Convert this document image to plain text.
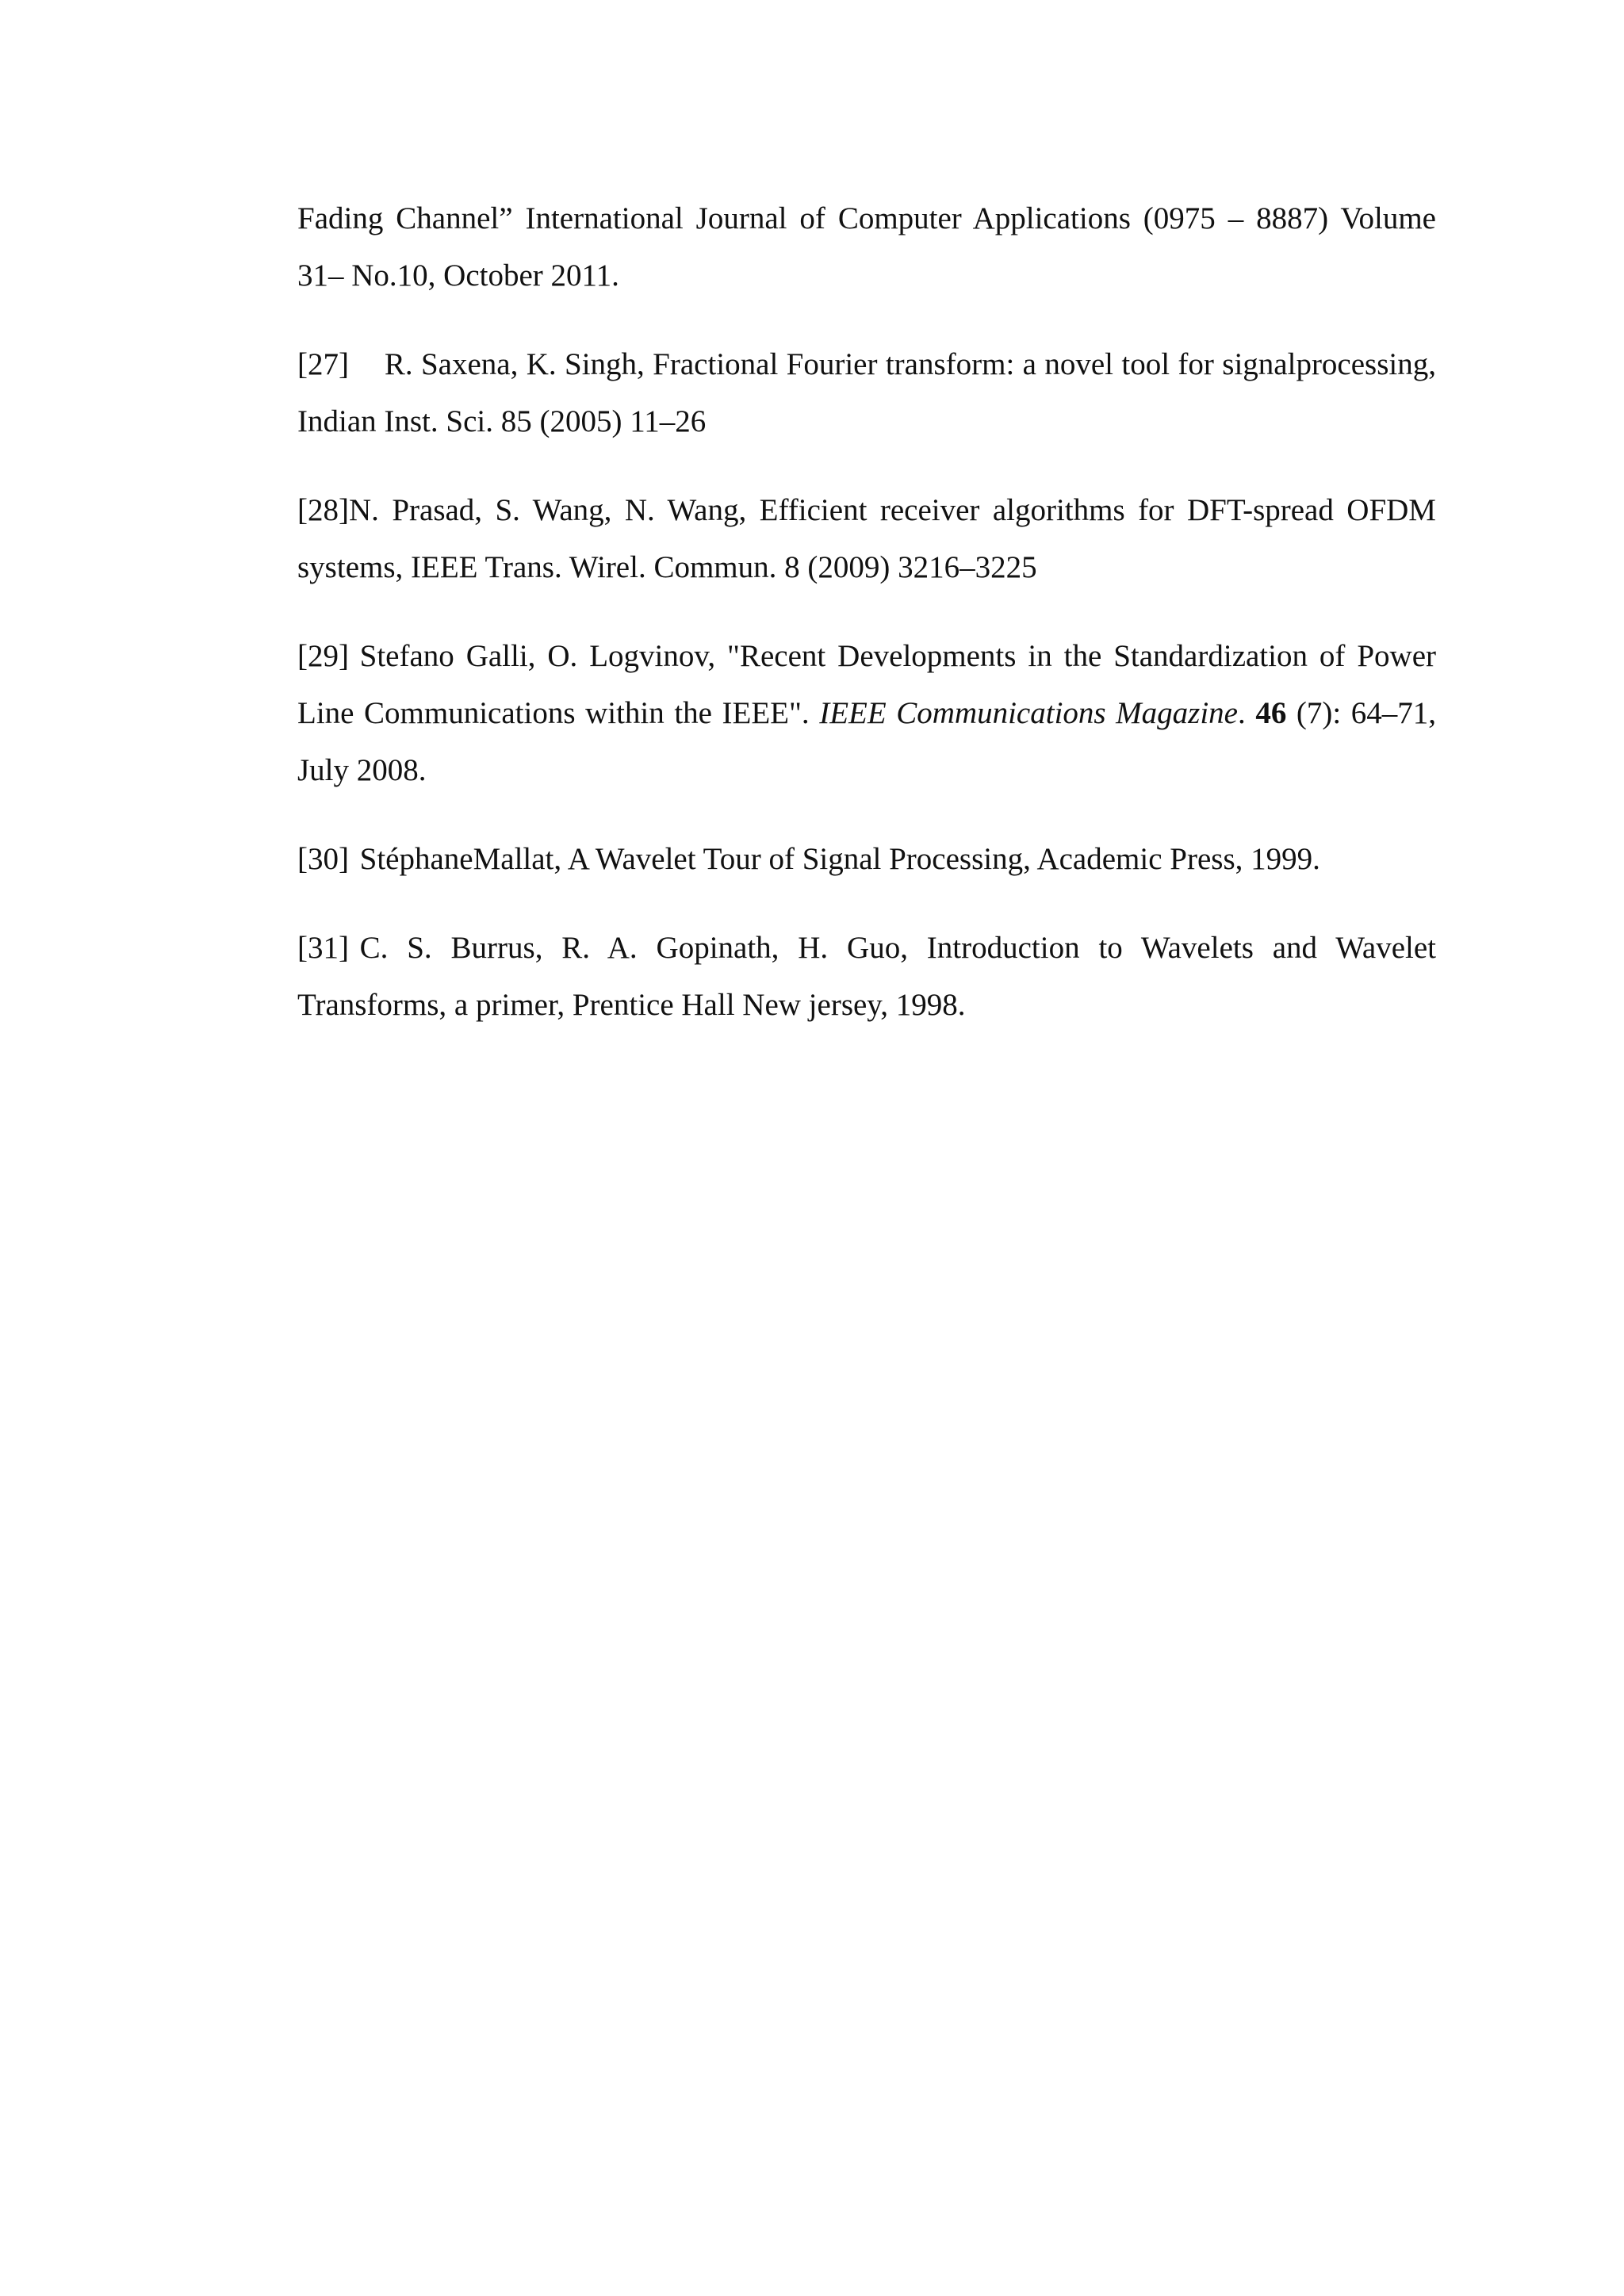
Fading Channel” International Journal of Computer Applications (0975 – 8887) Volume 31– No.10, October 2011.

[27] R. Saxena, K. Singh, Fractional Fourier transform: a novel tool for signalprocessing, Indian Inst. Sci. 85 (2005) 11–26

[28]N. Prasad, S. Wang, N. Wang, Efficient receiver algorithms for DFT-spread OFDM systems, IEEE Trans. Wirel. Commun. 8 (2009) 3216–3225

[29] Stefano Galli, O. Logvinov, "Recent Developments in the Standardization of Power Line Communications within the IEEE". IEEE Communications Magazine. 46 (7): 64–71, July 2008.

[30] StéphaneMallat, A Wavelet Tour of Signal Processing, Academic Press, 1999.

[31] C. S. Burrus, R. A. Gopinath, H. Guo, Introduction to Wavelets and Wavelet Transforms, a primer, Prentice Hall New jersey, 1998.
